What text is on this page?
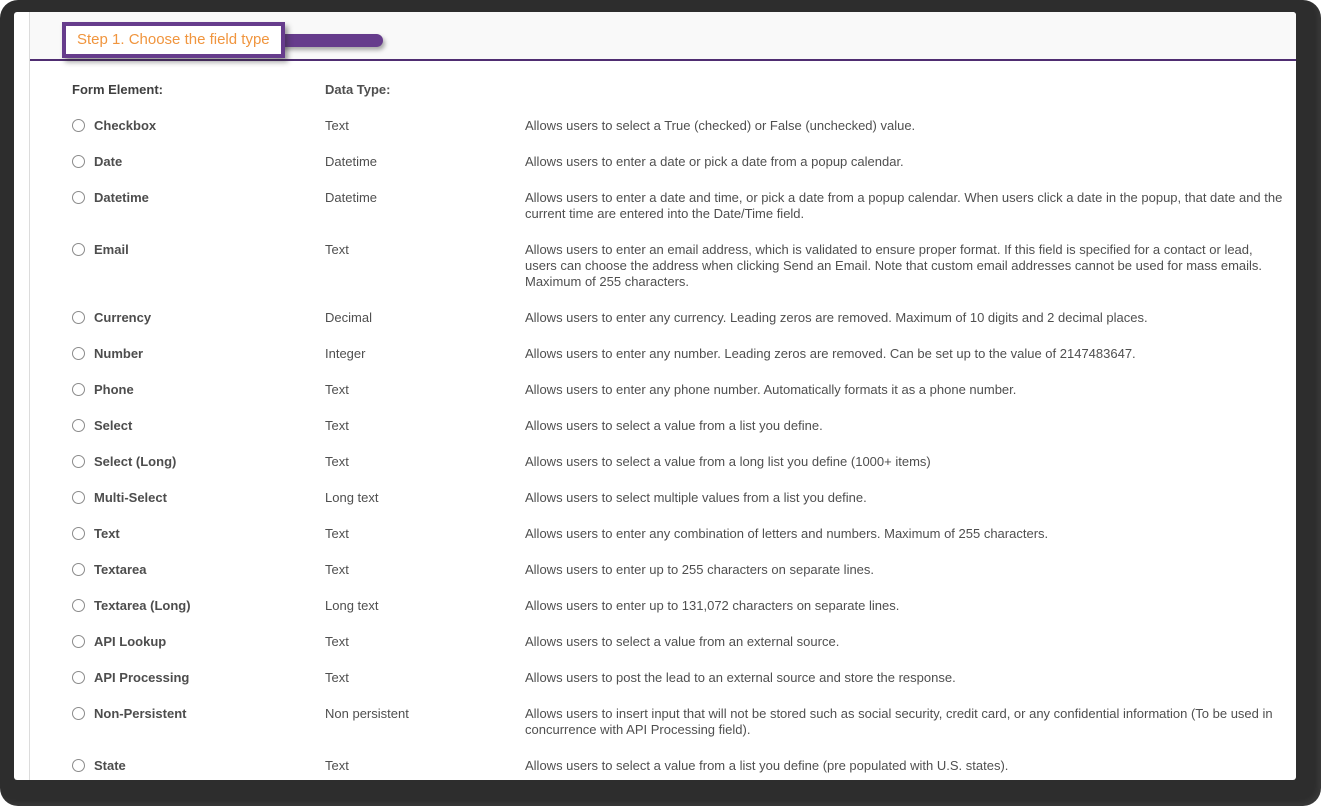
Step 1. Choose the field type
Form Element:	Data Type:
Checkbox	Text	Allows users to select a True (checked) or False (unchecked) value.
Date	Datetime	Allows users to enter a date or pick a date from a popup calendar.
Datetime	Datetime	Allows users to enter a date and time, or pick a date from a popup calendar. When users click a date in the popup, that date and the current time are entered into the Date/Time field.
Email	Text	Allows users to enter an email address, which is validated to ensure proper format. If this field is specified for a contact or lead, users can choose the address when clicking Send an Email. Note that custom email addresses cannot be used for mass emails. Maximum of 255 characters.
Currency	Decimal	Allows users to enter any currency. Leading zeros are removed. Maximum of 10 digits and 2 decimal places.
Number	Integer	Allows users to enter any number. Leading zeros are removed. Can be set up to the value of 2147483647.
Phone	Text	Allows users to enter any phone number. Automatically formats it as a phone number.
Select	Text	Allows users to select a value from a list you define.
Select (Long)	Text	Allows users to select a value from a long list you define (1000+ items)
Multi-Select	Long text	Allows users to select multiple values from a list you define.
Text	Text	Allows users to enter any combination of letters and numbers. Maximum of 255 characters.
Textarea	Text	Allows users to enter up to 255 characters on separate lines.
Textarea (Long)	Long text	Allows users to enter up to 131,072 characters on separate lines.
API Lookup	Text	Allows users to select a value from an external source.
API Processing	Text	Allows users to post the lead to an external source and store the response.
Non-Persistent	Non persistent	Allows users to insert input that will not be stored such as social security, credit card, or any confidential information (To be used in concurrence with API Processing field).
State	Text	Allows users to select a value from a list you define (pre populated with U.S. states).
